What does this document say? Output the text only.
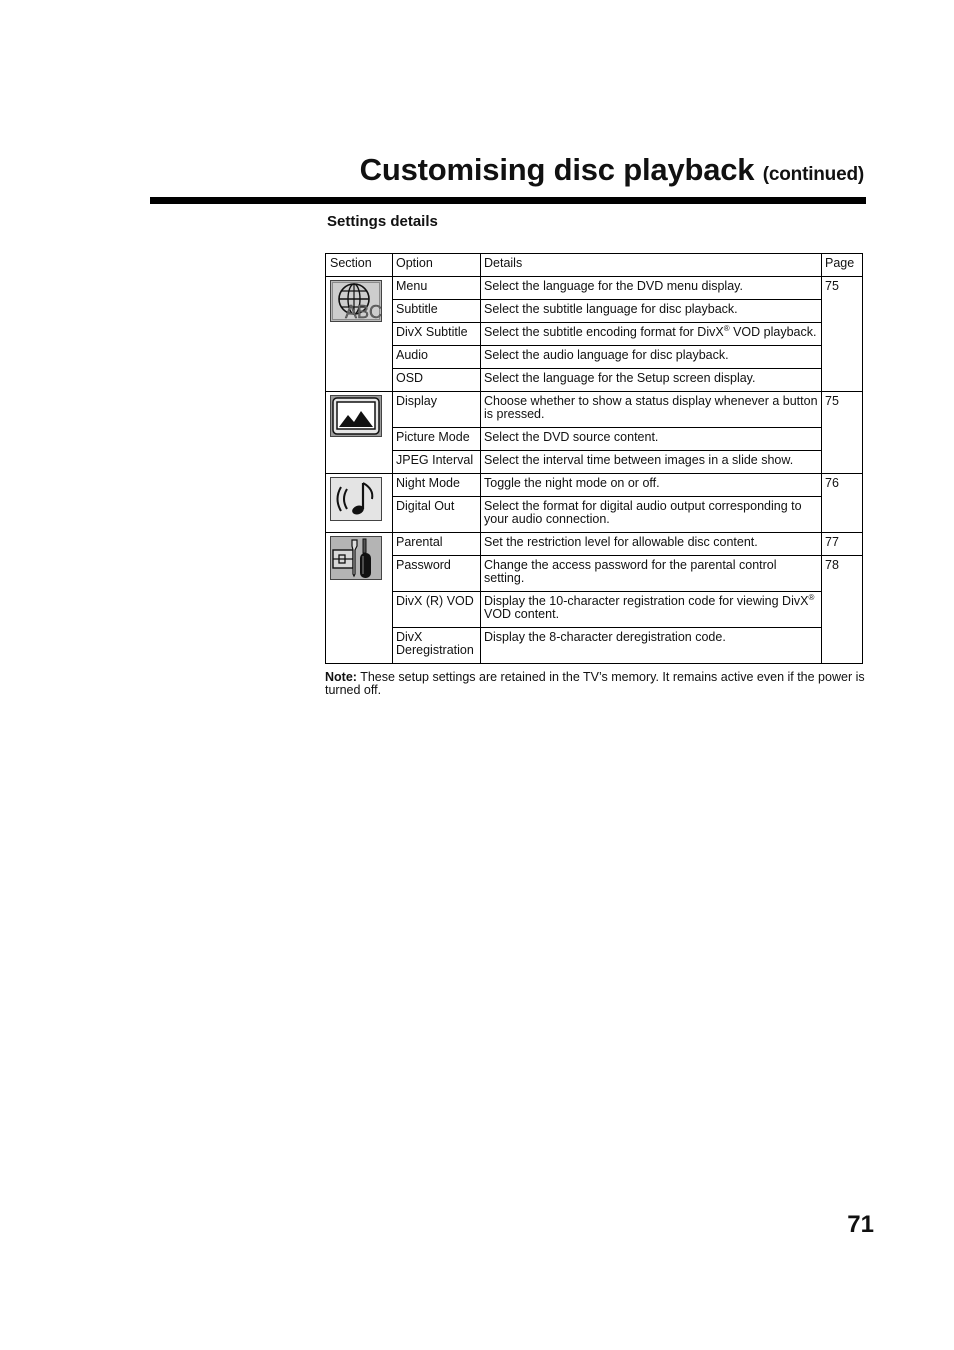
Customising disc playback (continued)
Settings details
Section	Option	Details	Page

ABC	Menu	Select the language for the DVD menu display.	75
	Subtitle	Select the subtitle language for disc playback.	
	DivX Subtitle	Select the subtitle encoding format for DivX® VOD playback.	
	Audio	Select the audio language for disc playback.	
	OSD	Select the language for the Setup screen display.	

	Display	Choose whether to show a status display whenever a button is pressed.	75
	Picture Mode	Select the DVD source content.	
	JPEG Interval	Select the interval time between images in a slide show.	

	Night Mode	Toggle the night mode on or off.	76
	Digital Out	Select the format for digital audio output corresponding to your audio connection.	

	Parental	Set the restriction level for allowable disc content.	77
	Password	Change the access password for the parental control setting.	78
	DivX (R) VOD	Display the 10-character registration code for viewing DivX® VOD content.	
	DivX Deregistration	Display the 8-character deregistration code.	

Note: These setup settings are retained in the TV’s memory. It remains active even if the power is turned off.

71
